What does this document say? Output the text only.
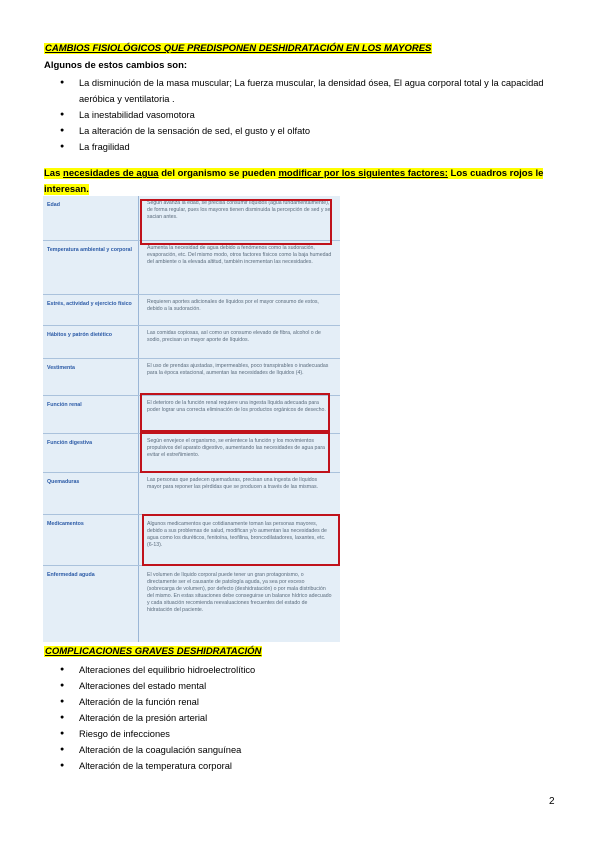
CAMBIOS FISIOLÓGICOS QUE PREDISPONEN DESHIDRATACIÓN EN LOS MAYORES
Algunos de estos cambios son:
● La disminución de la masa muscular; La fuerza muscular, la densidad ósea, El agua corporal total y la capacidad aeróbica y ventilatoria .
● La inestabilidad vasomotora
● La alteración de la sensación de sed, el gusto y el olfato
● La fragilidad
Las necesidades de agua del organismo se pueden modificar por los siguientes factores: Los cuadros rojos le interesan.
Edad	Según avanza la edad, se precisa consumir líquidos (agua fundamentalmente), de forma regular, pues los mayores tienen disminuida la percepción de sed y se sacian antes.
Temperatura ambiental y corporal	Aumenta la necesidad de agua debido a fenómenos como la sudoración, evaporación, etc. Del mismo modo, otros factores físicos como la baja humedad del ambiente o la elevada altitud, también incrementan las necesidades.
Estrés, actividad y ejercicio físico	Requieren aportes adicionales de líquidos por el mayor consumo de estos, debido a la sudoración.
Hábitos y patrón dietético	Las comidas copiosas, así como un consumo elevado de fibra, alcohol o de sodio, precisan un mayor aporte de líquidos.
Vestimenta	El uso de prendas ajustadas, impermeables, poco transpirables o inadecuadas para la época estacional, aumentan las necesidades de líquidos (4).
Función renal	El deterioro de la función renal requiere una ingesta líquida adecuada para poder lograr una correcta eliminación de los productos orgánicos de desecho.
Función digestiva	Según envejece el organismo, se enlentece la función y los movimientos propulsivos del aparato digestivo, aumentando las necesidades de agua para evitar el estreñimiento.
Quemaduras	Las personas que padecen quemaduras, precisan una ingesta de líquidos mayor para reponer las pérdidas que se producen a través de las mismas.
Medicamentos	Algunos medicamentos que cotidianamente toman las personas mayores, debido a sus problemas de salud, modifican y/o aumentan las necesidades de agua como los diuréticos, fenitoína, teofilina, broncodilatadores, laxantes, etc. (6-13).
Enfermedad aguda	El volumen de líquido corporal puede tener un gran protagonismo, o directamente ser el causante de patología aguda, ya sea por exceso (sobrecarga de volumen), por defecto (deshidratación) o por mala distribución del mismo. En estas situaciones debe conseguirse un balance hídrico adecuado y cada situación recomienda reevaluaciones frecuentes del estado de hidratación del paciente.
COMPLICACIONES GRAVES DESHIDRATACIÓN
● Alteraciones del equilibrio hidroelectrolítico
● Alteraciones del estado mental
● Alteración de la función renal
● Alteración de la presión arterial
● Riesgo de infecciones
● Alteración de la coagulación sanguínea
● Alteración de la temperatura corporal
2
